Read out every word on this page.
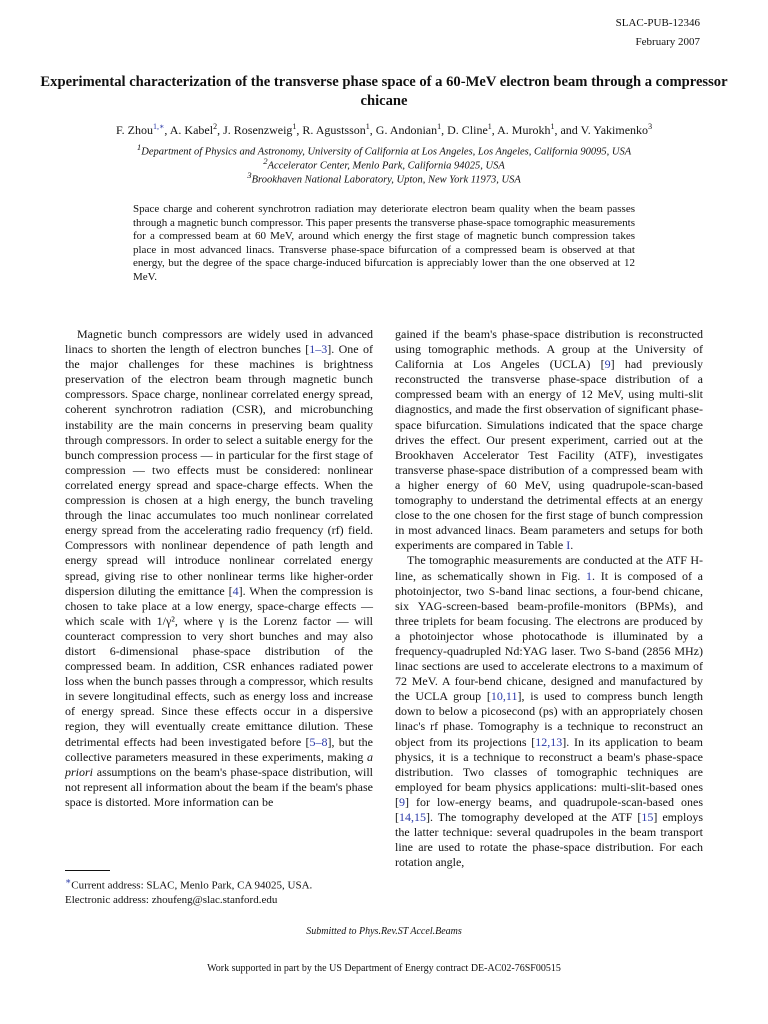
SLAC-PUB-12346
February 2007
Experimental characterization of the transverse phase space of a 60-MeV electron beam through a compressor chicane
F. Zhou$^{1,∗}$, A. Kabel$^2$, J. Rosenzweig$^1$, R. Agustsson$^1$, G. Andonian$^1$, D. Cline$^1$, A. Murokh$^1$, and V. Yakimenko$^3$
$^1$Department of Physics and Astronomy, University of California at Los Angeles, Los Angeles, California 90095, USA
$^2$Accelerator Center, Menlo Park, California 94025, USA
$^3$Brookhaven National Laboratory, Upton, New York 11973, USA
Space charge and coherent synchrotron radiation may deteriorate electron beam quality when the beam passes through a magnetic bunch compressor. This paper presents the transverse phase-space tomographic measurements for a compressed beam at 60 MeV, around which energy the first stage of magnetic bunch compression takes place in most advanced linacs. Transverse phase-space bifurcation of a compressed beam is observed at that energy, but the degree of the space charge-induced bifurcation is appreciably lower than the one observed at 12 MeV.

Magnetic bunch compressors are widely used in advanced linacs to shorten the length of electron bunches [1–3]. One of the major challenges for these machines is brightness preservation of the electron beam through magnetic bunch compressors. Space charge, nonlinear correlated energy spread, coherent synchrotron radiation (CSR), and microbunching instability are the main concerns in preserving beam quality through compressors. In order to select a suitable energy for the bunch compression process — in particular for the first stage of compression — two effects must be considered: nonlinear correlated energy spread and space-charge effects. When the compression is chosen at a high energy, the bunch traveling through the linac accumulates too much nonlinear correlated energy spread from the accelerating radio frequency (rf) field. Compressors with nonlinear dependence of path length and energy spread will introduce nonlinear correlated energy spread, giving rise to other nonlinear terms like higher-order dispersion diluting the emittance [4]. When the compression is chosen to take place at a low energy, space-charge effects — which scale with 1/γ², where γ is the Lorenz factor — will counteract compression to very short bunches and may also distort 6-dimensional phase-space distribution of the compressed beam. In addition, CSR enhances radiated power loss when the bunch passes through a compressor, which results in severe longitudinal effects, such as energy loss and increase of energy spread. Since these effects occur in a dispersive region, they will eventually create emittance dilution. These detrimental effects had been investigated before [5–8], but the collective parameters measured in these experiments, making a priori assumptions on the beam's phase-space distribution, will not represent all information about the beam if the beam's phase space is distorted. More information can be

gained if the beam's phase-space distribution is reconstructed using tomographic methods. A group at the University of California at Los Angeles (UCLA) [9] had previously reconstructed the transverse phase-space distribution of a compressed beam with an energy of 12 MeV, using multi-slit diagnostics, and made the first observation of significant phase-space bifurcation. Simulations indicated that the space charge drives the effect. Our present experiment, carried out at the Brookhaven Accelerator Test Facility (ATF), investigates transverse phase-space distribution of a compressed beam with a higher energy of 60 MeV, using quadrupole-scan-based tomography to understand the detrimental effects at an energy close to the one chosen for the first stage of bunch compression in most advanced linacs. Beam parameters and setups for both experiments are compared in Table I.

The tomographic measurements are conducted at the ATF H-line, as schematically shown in Fig. 1. It is composed of a photoinjector, two S-band linac sections, a four-bend chicane, six YAG-screen-based beam-profile-monitors (BPMs), and three triplets for beam focusing. The electrons are produced by a photoinjector whose photocathode is illuminated by a frequency-quadrupled Nd:YAG laser. Two S-band (2856 MHz) linac sections are used to accelerate electrons to a maximum of 72 MeV. A four-bend chicane, designed and manufactured by the UCLA group [10,11], is used to compress bunch length down to below a picosecond (ps) with an appropriately chosen linac's rf phase. Tomography is a technique to reconstruct an object from its projections [12,13]. In its application to beam physics, it is a technique to reconstruct a beam's phase-space distribution. Two classes of tomographic techniques are employed for beam physics applications: multi-slit-based ones [9] for low-energy beams, and quadrupole-scan-based ones [14,15]. The tomography developed at the ATF [15] employs the latter technique: several quadrupoles in the beam transport line are used to rotate the phase-space distribution. For each rotation angle,

∗Current address: SLAC, Menlo Park, CA 94025, USA.
Electronic address: zhoufeng@slac.stanford.edu
Submitted to Phys.Rev.ST Accel.Beams
Work supported in part by the US Department of Energy contract DE-AC02-76SF00515
